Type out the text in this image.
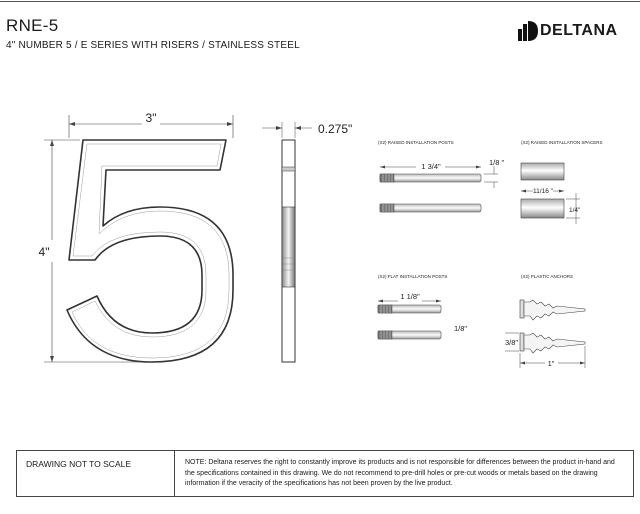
RNE-5
4" NUMBER 5 / E SERIES WITH RISERS / STAINLESS STEEL
DELTANA
3"
4"
0.275"
(X2) RAISED INSTALLATION POSTS
1 3/4"	1/8 "
(X2) RAISED INSTALLATION SPACERS
11/16 "
1/4"
(X2) FLAT INSTALLATION POSTS
1 1/8"
1/8"
(X2) PLASTIC ANCHORS
3/8"
1"
DRAWING NOT TO SCALE	NOTE: Deltana reserves the right to constantly improve its products and is not responsible for differences between the product in-hand and the specifications contained in this drawing. We do not recommend to pre-drill holes or pre-cut woods or metals based on the drawing information if the veracity of the specifications has not been proven by the live product.
